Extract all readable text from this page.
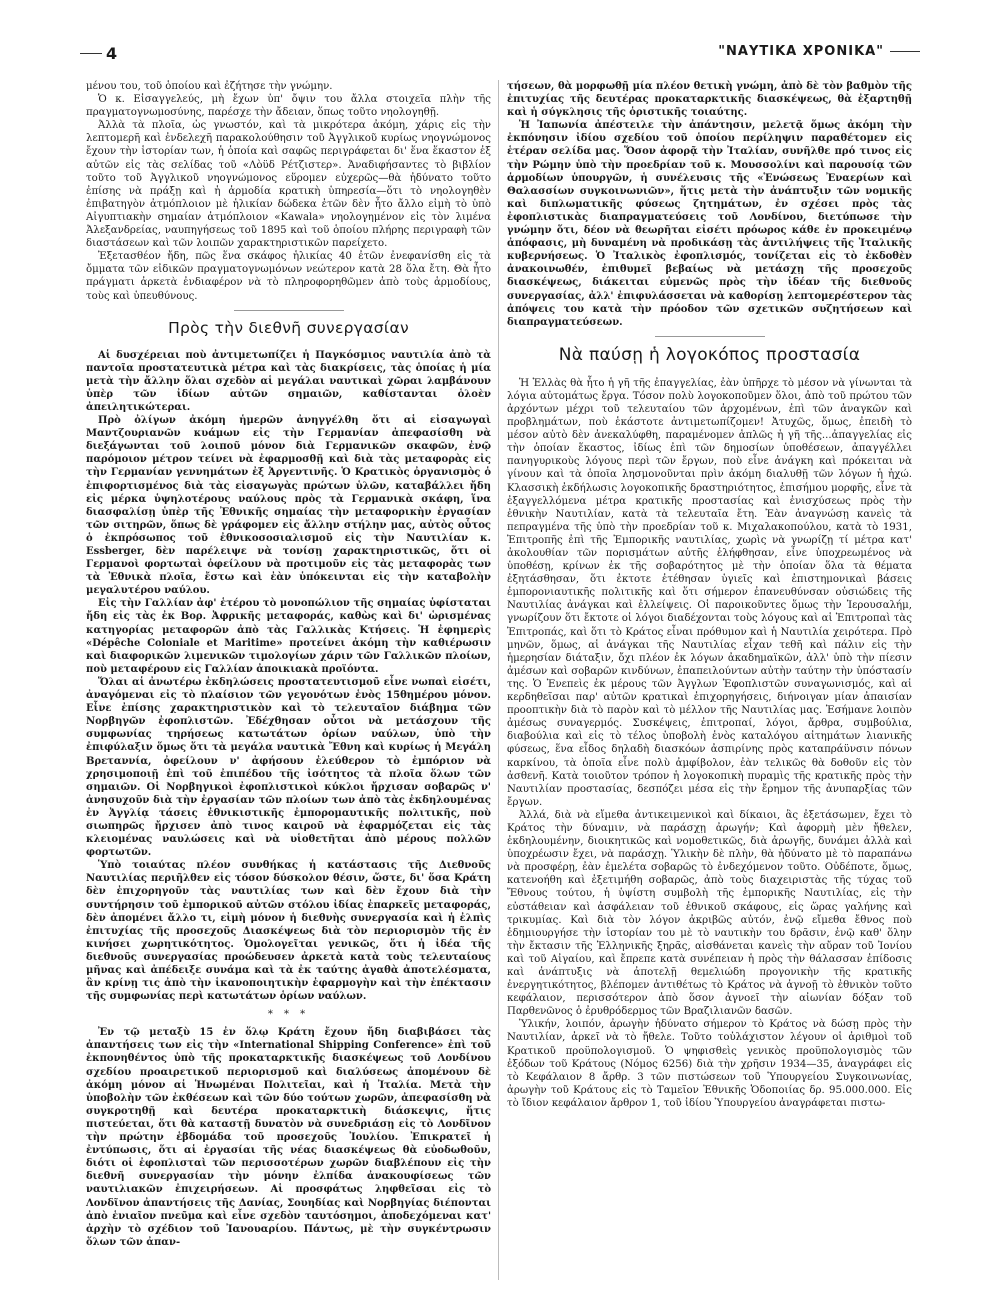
4	"ΝΑΥΤΙΚΑ ΧΡΟΝΙΚΑ"

μένου του, τοῦ ὁποίου καὶ ἐζήτησε τὴν γνώμην.

Ὁ κ. Εἰσαγγελεύς, μὴ ἔχων ὑπ' ὄψιν του ἄλλα στοιχεῖα πλὴν τῆς πραγματογνωμοσύνης, παρέσχε τὴν ἄδειαν, ὅπως τοῦτο νηολογηθῇ.

Ἀλλὰ τὰ πλοῖα, ὡς γνωστόν, καὶ τὰ μικρότερα ἀκόμη, χάρις εἰς τὴν λεπτομερῆ καὶ ἐνδελεχῆ παρακολούθησιν τοῦ Ἀγγλικοῦ κυρίως νηογνώμονος ἔχουν τὴν ἱστορίαν των, ἡ ὁποία καὶ σαφῶς περιγράφεται δι' ἕνα ἕκαστον ἐξ αὐτῶν εἰς τὰς σελίδας τοῦ «Λὸϋδ Ρέτζιστερ». Ἀναδιφήσαντες τὸ βιβλίον τοῦτο τοῦ Ἀγγλικοῦ νηογνώμονος εὕρομεν εὐχερῶς—θὰ ἠδύνατο τοῦτο ἐπίσης νὰ πράξῃ καὶ ἡ ἁρμοδία κρατικὴ ὑπηρεσία—ὅτι τὸ νηολογηθὲν ἐπιβατηγὸν ἀτμόπλοιον μὲ ἡλικίαν δώδεκα ἐτῶν δὲν ἦτο ἄλλο εἰμὴ τὸ ὑπὸ Αἰγυπτιακὴν σημαίαν ἀτμόπλοιον «Kawala» νηολογημένον εἰς τὸν λιμένα Ἀλεξανδρείας, ναυπηγήσεως τοῦ 1895 καὶ τοῦ ὁποίου πλήρης περιγραφὴ τῶν διαστάσεων καὶ τῶν λοιπῶν χαρακτηριστικῶν παρείχετο.

Ἐξετασθέον ἤδη, πῶς ἕνα σκάφος ἡλικίας 40 ἐτῶν ἐνεφανίσθη εἰς τὰ ὄμματα τῶν εἰδικῶν πραγματογνωμόνων νεώτερον κατὰ 28 ὅλα ἔτη. Θὰ ἦτο πράγματι ἀρκετὰ ἐνδιαφέρον νὰ τὸ πληροφορηθῶμεν ἀπὸ τοὺς ἁρμοδίους, τοὺς καὶ ὑπευθύνους.

Πρὸς τὴν διεθνῆ συνεργασίαν

Αἱ δυσχέρειαι ποὺ ἀντιμετωπίζει ἡ Παγκόσμιος ναυτιλία ἀπὸ τὰ παντοῖα προστατευτικὰ μέτρα καὶ τὰς διακρίσεις, τὰς ὁποίας ἡ μία μετὰ τὴν ἄλλην ὅλαι σχεδὸν αἱ μεγάλαι ναυτικαὶ χῶραι λαμβάνουν ὑπὲρ τῶν ἰδίων αὐτῶν σημαιῶν, καθίστανται ὁλοὲν ἀπειλητικώτεραι.

Πρὸ ὀλίγων ἀκόμη ἡμερῶν ἀνηγγέλθη ὅτι αἱ εἰσαγωγαὶ Μαντζουριανῶν κυάμων εἰς τὴν Γερμανίαν ἀπεφασίσθη νὰ διεξάγωνται τοῦ λοιποῦ μόνον διὰ Γερμανικῶν σκαφῶν, ἐνῷ παρόμοιον μέτρον τείνει νὰ ἐφαρμοσθῇ καὶ διὰ τὰς μεταφορὰς εἰς τὴν Γερμανίαν γεννημάτων ἐξ Ἀργεντινῆς. Ὁ Κρατικὸς ὀργανισμὸς ὁ ἐπιφορτισμένος διὰ τὰς εἰσαγωγὰς πρώτων ὑλῶν, καταβάλλει ἤδη εἰς μέρκα ὑψηλοτέρους ναύλους πρὸς τὰ Γερμανικὰ σκάφη, ἵνα διασφαλίσῃ ὑπὲρ τῆς Ἐθνικῆς σημαίας τὴν μεταφορικὴν ἐργασίαν τῶν σιτηρῶν, ὅπως δὲ γράφομεν εἰς ἄλλην στήλην μας, αὐτὸς οὗτος ὁ ἐκπρόσωπος τοῦ ἐθνικοσοσιαλισμοῦ εἰς τὴν Ναυτιλίαν κ. Essberger, δὲν παρέλειψε νὰ τονίσῃ χαρακτηριστικῶς, ὅτι οἱ Γερμανοὶ φορτωταὶ ὀφείλουν νὰ προτιμοῦν εἰς τὰς μεταφορὰς των τὰ Ἐθνικὰ πλοῖα, ἔστω καὶ ἐὰν ὑπόκεινται εἰς τὴν καταβολὴν μεγαλυτέρου ναύλου.

Εἰς τὴν Γαλλίαν ἀφ' ἑτέρου τὸ μονοπώλιον τῆς σημαίας ὑφίσταται ἤδη εἰς τὰς ἐκ Βορ. Ἀφρικῆς μεταφοράς, καθὼς καὶ δι' ὡρισμένας κατηγορίας μεταφορῶν ἀπὸ τὰς Γαλλικὰς Κτήσεις. Ἡ ἐφημερὶς «Dépêche Coloniale et Maritime» προτείνει ἀκόμη τὴν καθιέρωσιν καὶ διαφορικῶν λιμενικῶν τιμολογίων χάριν τῶν Γαλλικῶν πλοίων, ποὺ μεταφέρουν εἰς Γαλλίαν ἀποικιακὰ προϊόντα.

Ὅλαι αἱ ἀνωτέρω ἐκδηλώσεις προστατευτισμοῦ εἶνε νωπαὶ εἰσέτι, ἀναγόμεναι εἰς τὸ πλαίσιον τῶν γεγονότων ἑνὸς 15θημέρου μόνον. Εἶνε ἐπίσης χαρακτηριστικὸν καὶ τὸ τελευταῖον διάβημα τῶν Νορβηγῶν ἐφοπλιστῶν. Ἐδέχθησαν οὗτοι νὰ μετάσχουν τῆς συμφωνίας τηρήσεως κατωτάτων ὁρίων ναύλων, ὑπὸ τὴν ἐπιφύλαξιν ὅμως ὅτι τὰ μεγάλα ναυτικὰ Ἔθνη καὶ κυρίως ἡ Μεγάλη Βρεταννία, ὀφείλουν ν' ἀφήσουν ἐλεύθερον τὸ ἐμπόριον νὰ χρησιμοποιῇ ἐπὶ τοῦ ἐπιπέδου τῆς ἰσότητος τὰ πλοῖα ὅλων τῶν σημαιῶν. Οἱ Νορβηγικοὶ ἐφοπλιστικοὶ κύκλοι ἤρχισαν σοβαρῶς ν' ἀνησυχοῦν διὰ τὴν ἐργασίαν τῶν πλοίων των ἀπὸ τὰς ἐκδηλουμένας ἐν Ἀγγλίᾳ τάσεις ἐθνικιστικῆς ἐμπορομαυτικῆς πολιτικῆς, ποὺ σιωπηρῶς ἤρχισεν ἀπὸ τινος καιροῦ νὰ ἐφαρμόζεται εἰς τὰς κλειομένας ναυλώσεις καὶ νὰ υἱοθετῆται ἀπὸ μέρους πολλῶν φορτωτῶν.

Ὑπὸ τοιαύτας πλέον συνθήκας ἡ κατάστασις τῆς Διεθνοῦς Ναυτιλίας περιῆλθεν εἰς τόσον δύσκολον θέσιν, ὥστε, δι' ὅσα Κράτη δὲν ἐπιχορηγοῦν τὰς ναυτιλίας των καὶ δὲν ἔχουν διὰ τὴν συντήρησιν τοῦ ἐμπορικοῦ αὐτῶν στόλου ἰδίας ἐπαρκεῖς μεταφοράς, δὲν ἀπομένει ἄλλο τι, εἰμὴ μόνον ἡ διεθνὴς συνεργασία καὶ ἡ ἐλπὶς ἐπιτυχίας τῆς προσεχοῦς Διασκέψεως διὰ τὸν περιορισμὸν τῆς ἐν κινήσει χωρητικότητος. Ὁμολογεῖται γενικῶς, ὅτι ἡ ἰδέα τῆς διεθνοῦς συνεργασίας προώδευσεν ἀρκετὰ κατὰ τοὺς τελευταίους μῆνας καὶ ἀπέδειξε συνάμα καὶ τὰ ἐκ ταύτης ἀγαθὰ ἀποτελέσματα, ἂν κρίνῃ τις ἀπὸ τὴν ἱκανοποιητικὴν ἐφαρμογὴν καὶ τὴν ἐπέκτασιν τῆς συμφωνίας περὶ κατωτάτων ὁρίων ναύλων.

* * *

Ἐν τῷ μεταξὺ 15 ἐν ὅλῳ Κράτη ἔχουν ἤδη διαβιβάσει τὰς ἀπαντήσεις των εἰς τὴν «International Shipping Conference» ἐπὶ τοῦ ἐκπονηθέντος ὑπὸ τῆς προκαταρκτικῆς διασκέψεως τοῦ Λονδίνου σχεδίου προαιρετικοῦ περιορισμοῦ καὶ διαλύσεως ἀπομένουν δὲ ἀκόμη μόνον αἱ Ἡνωμέναι Πολιτεῖαι, καὶ ἡ Ἰταλία. Μετὰ τὴν ὑποβολὴν τῶν ἐκθέσεων καὶ τῶν δύο τούτων χωρῶν, ἀπεφασίσθη νὰ συγκροτηθῇ καὶ δευτέρα προκαταρκτικὴ διάσκεψις, ἥτις πιστεύεται, ὅτι θὰ καταστῇ δυνατὸν νὰ συνεδριάσῃ εἰς τὸ Λονδῖνον τὴν πρώτην ἑβδομάδα τοῦ προσεχοῦς Ἰουλίου. Ἐπικρατεῖ ἡ ἐντύπωσις, ὅτι αἱ ἐργασίαι τῆς νέας διασκέψεως θὰ εὐοδωθοῦν, διότι οἱ ἐφοπλισταὶ τῶν περισσοτέρων χωρῶν διαβλέπουν εἰς τὴν διεθνῆ συνεργασίαν τὴν μόνην ἐλπίδα ἀνακουφίσεως τῶν ναυτιλιακῶν ἐπιχειρήσεων. Αἱ προσφάτως ληφθεῖσαι εἰς τὸ Λονδῖνον ἀπαντήσεις τῆς Δανίας, Σουηδίας καὶ Νορβηγίας διέπονται ἀπὸ ἑνιαῖον πνεῦμα καὶ εἶνε σχεδὸν ταυτόσημοι, ἀποδεχόμεναι κατ' ἀρχὴν τὸ σχέδιον τοῦ Ἰανουαρίου. Πάντως, μὲ τὴν συγκέντρωσιν ὅλων τῶν ἀπαν-

τήσεων, θὰ μορφωθῇ μία πλέον θετικὴ γνώμη, ἀπὸ δὲ τὸν βαθμὸν τῆς ἐπιτυχίας τῆς δευτέρας προκαταρκτικῆς διασκέψεως, θὰ ἐξαρτηθῇ καὶ ἡ σύγκλησις τῆς ὁριστικῆς τοιαύτης.

Ἡ Ἰαπωνία ἀπέστειλε τὴν ἀπάντησιν, μελετᾷ ὅμως ἀκόμη τὴν ἐκπόνησιν ἰδίου σχεδίου τοῦ ὁποίου περίληψιν παραθέτομεν εἰς ἑτέραν σελίδα μας. Ὅσον ἀφορᾷ τὴν Ἰταλίαν, συνῆλθε πρό τινος εἰς τὴν Ρώμην ὑπὸ τὴν προεδρίαν τοῦ κ. Μουσσολίνι καὶ παρουσίᾳ τῶν ἁρμοδίων ὑπουργῶν, ἡ συνέλευσις τῆς «Ἑνώσεως Ἐναερίων καὶ Θαλασσίων συγκοινωνιῶν», ἥτις μετὰ τὴν ἀνάπτυξιν τῶν νομικῆς καὶ διπλωματικῆς φύσεως ζητημάτων, ἐν σχέσει πρὸς τὰς ἐφοπλιστικὰς διαπραγματεύσεις τοῦ Λονδίνου, διετύπωσε τὴν γνώμην ὅτι, δέον νὰ θεωρῆται εἰσέτι πρόωρος κάθε ἐν προκειμένῳ ἀπόφασις, μὴ δυναμένη νὰ προδικάσῃ τὰς ἀντιλήψεις τῆς Ἰταλικῆς κυβερνήσεως. Ὁ Ἰταλικὸς ἐφοπλισμός, τονίζεται εἰς τὸ ἐκδοθὲν ἀνακοινωθέν, ἐπιθυμεῖ βεβαίως νὰ μετάσχῃ τῆς προσεχοῦς διασκέψεως, διάκειται εὐμενῶς πρὸς τὴν ἰδέαν τῆς διεθνοῦς συνεργασίας, ἀλλ' ἐπιφυλάσσεται νὰ καθορίσῃ λεπτομερέστερον τὰς ἀπόψεις του κατὰ τὴν πρόοδον τῶν σχετικῶν συζητήσεων καὶ διαπραγματεύσεων.

Νὰ παύσῃ ἡ λογοκόπος προστασία

Ἡ Ἑλλὰς θὰ ἦτο ἡ γῆ τῆς ἐπαγγελίας, ἐὰν ὑπῆρχε τὸ μέσον νὰ γίνωνται τὰ λόγια αὐτομάτως ἔργα. Τόσον πολὺ λογοκοποῦμεν ὅλοι, ἀπὸ τοῦ πρώτου τῶν ἀρχόντων μέχρι τοῦ τελευταίου τῶν ἀρχομένων, ἐπὶ τῶν ἀναγκῶν καὶ προβλημάτων, ποὺ ἑκάστοτε ἀντιμετωπίζομεν! Ἀτυχῶς, ὅμως, ἐπειδὴ τὸ μέσον αὐτὸ δὲν ἀνεκαλύφθη, παραμένομεν ἁπλῶς ἡ γῆ τῆς...ἀπαγγελίας εἰς τὴν ὁποίαν ἕκαστος, ἰδίως ἐπὶ τῶν δημοσίων ὑποθέσεων, ἀπαγγέλλει πανηγυρικοὺς λόγους περὶ τῶν ἔργων, ποὺ εἶνε ἀνάγκη καὶ πρόκειται νὰ γίνουν καὶ τὰ ὁποῖα λησμονοῦνται πρὶν ἀκόμη διαλυθῇ τῶν λόγων ἡ ἠχώ. Κλασσικὴ ἐκδήλωσις λογοκοπικῆς δραστηριότητος, ἐπισήμου μορφῆς, εἶνε τὰ ἐξαγγελλόμενα μέτρα κρατικῆς προστασίας καὶ ἐνισχύσεως πρὸς τὴν ἐθνικὴν Ναυτιλίαν, κατὰ τὰ τελευταῖα ἔτη. Ἐὰν ἀναγνώσῃ κανεὶς τὰ πεπραγμένα τῆς ὑπὸ τὴν προεδρίαν τοῦ κ. Μιχαλακοπούλου, κατὰ τὸ 1931, Ἐπιτροπῆς ἐπὶ τῆς Ἐμπορικῆς ναυτιλίας, χωρὶς νὰ γνωρίζῃ τί μέτρα κατ' ἀκολουθίαν τῶν πορισμάτων αὐτῆς ἐλήφθησαν, εἶνε ὑποχρεωμένος νὰ ὑποθέσῃ, κρίνων ἐκ τῆς σοβαρότητος μὲ τὴν ὁποίαν ὅλα τὰ θέματα ἐξητάσθησαν, ὅτι ἐκτοτε ἐτέθησαν ὑγιεῖς καὶ ἐπιστημονικαὶ βάσεις ἐμπορονιαυτικῆς πολιτικῆς καὶ ὅτι σήμερον ἐπανευθύνσαν οὐσιώδεις τῆς Ναυτιλίας ἀνάγκαι καὶ ἐλλείψεις. Οἱ παροικοῦντες ὅμως τὴν Ἱερουσαλήμ, γνωρίζουν ὅτι ἔκτοτε οἱ λόγοι διαδέχονται τοὺς λόγους καὶ αἱ Ἐπιτροπαὶ τὰς Ἐπιτροπάς, καὶ ὅτι τὸ Κράτος εἶναι πρόθυμον καὶ ἡ Ναυτιλία χειρότερα. Πρὸ μηνῶν, ὅμως, αἱ ἀνάγκαι τῆς Ναυτιλίας εἶχαν τεθῆ καὶ πάλιν εἰς τὴν ἡμερησίαν διάταξιν, ὄχι πλέον ἐκ λόγων ἀκαδημαϊκῶν, ἀλλ' ὑπὸ τὴν πίεσιν ἀμέσων καὶ σοβαρῶν κινδύνων, ἐπαπειλούντων αὐτὴν ταύτην τὴν ὑπόστασίν της. Ὁ Ἐνεπεὶς ἐκ μέρους τῶν Ἀγγλων Ἐφοπλιστῶν συναγωνισμός, καὶ αἱ κερδηθεῖσαι παρ' αὐτῶν κρατικαὶ ἐπιχορηγήσεις, διήνοιγαν μίαν ἀπαισίαν προοπτικὴν διὰ τὸ παρὸν καὶ τὸ μέλλον τῆς Ναυτιλίας μας. Ἐσήμανε λοιπὸν ἀμέσως συναγερμός. Συσκέψεις, ἐπιτροπαί, λόγοι, ἄρθρα, συμβούλια, διαβούλια καὶ εἰς τὸ τέλος ὑποβολὴ ἑνὸς καταλόγου αἰτημάτων λιανικῆς φύσεως, ἕνα εἶδος δηλαδὴ διασκόων ἀσπιρίνης πρὸς καταπράϋνσιν πόνων καρκίνου, τὰ ὁποῖα εἶνε πολὺ ἀμφίβολον, ἐὰν τελικῶς θὰ δοθοῦν εἰς τὸν ἀσθενῆ. Κατὰ τοιοῦτον τρόπον ἡ λογοκοπικὴ πυραμὶς τῆς κρατικῆς πρὸς τὴν Ναυτιλίαν προστασίας, δεσπόζει μέσα εἰς τὴν ἔρημον τῆς ἀνυπαρξίας τῶν ἔργων.

Ἀλλά, διὰ νὰ εἴμεθα ἀντικειμενικοὶ καὶ δίκαιοι, ἂς ἐξετάσωμεν, ἔχει τὸ Κράτος τὴν δύναμιν, νὰ παράσχῃ ἀρωγήν; Καὶ ἀφορμὴ μὲν ἤθελεν, ἐκδηλουμένην, διοικητικῶς καὶ νομοθετικῶς, διὰ ἀρωγῆς, δυνάμει ἀλλὰ καὶ ὑποχρέωσιν ἔχει, νὰ παράσχῃ. Ὑλικὴν δὲ πλὴν, θὰ ἠδύνατο μὲ τὸ παραπάνω νὰ προσφέρῃ, ἐὰν ἐμελέτα σοβαρῶς τὸ ἐνδεχόμενον τοῦτο. Οὐδέποτε, ὅμως, κατενοήθη καὶ ἐξετιμήθη σοβαρῶς, ἀπὸ τοὺς διαχειριστὰς τῆς τύχας τοῦ Ἔθνους τούτου, ἡ ὑψίστη συμβολὴ τῆς ἐμπορικῆς Ναυτιλίας, εἰς τὴν εὐστάθειαν καὶ ἀσφάλειαν τοῦ ἐθνικοῦ σκάφους, εἰς ὥρας γαλήνης καὶ τρικυμίας. Καὶ διὰ τὸν λόγον ἀκριβῶς αὐτόν, ἐνῷ εἴμεθα ἔθνος ποὺ ἐδημιουργήσε τὴν ἱστορίαν του μὲ τὸ ναυτικὴν του δρᾶσιν, ἐνῷ καθ' ὅλην τὴν ἔκτασιν τῆς Ἑλληνικῆς ξηρᾶς, αἰσθάνεται κανεὶς τὴν αὔραν τοῦ Ἰονίου καὶ τοῦ Αἰγαίου, καὶ ἔπρεπε κατὰ συνέπειαν ἡ πρὸς τὴν θάλασσαν ἐπίδοσις καὶ ἀνάπτυξις νὰ ἀποτελῇ θεμελιώδη προγονικὴν τῆς κρατικῆς ἐνεργητικότητος, βλέπομεν ἀντιθέτως τὸ Κράτος νὰ ἀγνοῇ τὸ ἐθνικὸν τοῦτο κεφάλαιον, περισσότερον ἀπὸ ὅσον ἀγνοεῖ τὴν αἰωνίαν δόξαν τοῦ Παρθενῶνος ὁ ἐρυθρόδερμος τῶν Βραζιλιανῶν δασῶν.

Ὑλικήν, λοιπόν, ἀρωγὴν ἠδύνατο σήμερον τὸ Κράτος νὰ δώσῃ πρὸς τὴν Ναυτιλίαν, ἀρκεῖ νὰ τὸ ἤθελε. Τοῦτο τοὐλάχιστον λέγουν οἱ ἀριθμοὶ τοῦ Κρατικοῦ προϋπολογισμοῦ. Ὁ ψηφισθεὶς γενικὸς προϋπολογισμὸς τῶν ἐξόδων τοῦ Κράτους (Νόμος 6256) διὰ τὴν χρῆσιν 1934—35, ἀναγράφει εἰς τὸ Κεφάλαιον 8 ἄρθρ. 3 τῶν πιστώσεων τοῦ Ὑπουργείου Συγκοινωνίας, ἀρωγὴν τοῦ Κράτους εἰς τὸ Ταμεῖον Ἐθνικῆς Ὁδοποιίας δρ. 95.000.000. Εἰς τὸ ἴδιον κεφάλαιον ἄρθρον 1, τοῦ ἰδίου Ὑπουργείου ἀναγράφεται πιστω-
